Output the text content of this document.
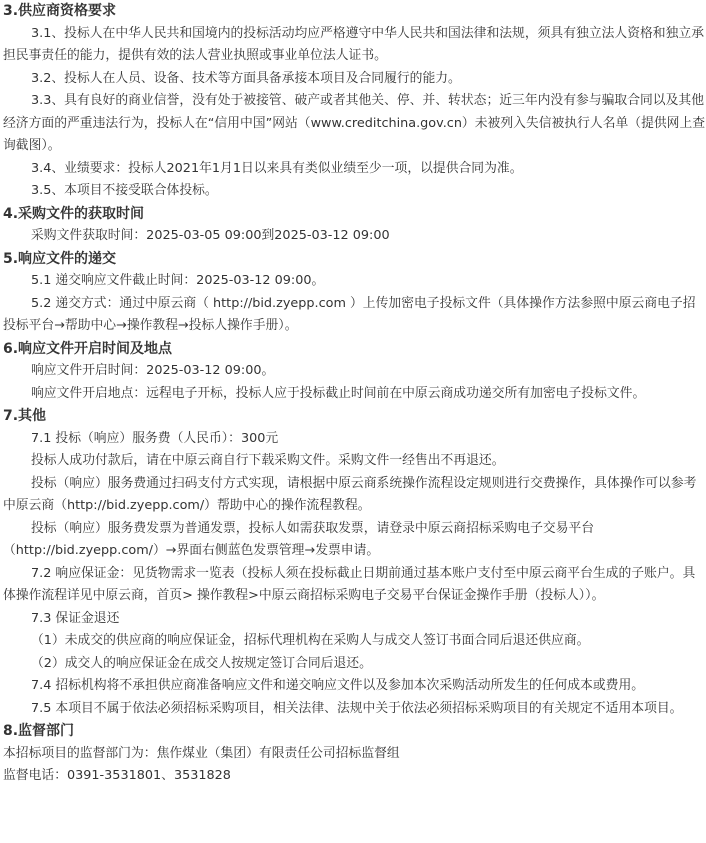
3.供应商资格要求
3.1、投标人在中华人民共和国境内的投标活动均应严格遵守中华人民共和国法律和法规，须具有独立法人资格和独立承担民事责任的能力，提供有效的法人营业执照或事业单位法人证书。
3.2、投标人在人员、设备、技术等方面具备承接本项目及合同履行的能力。
3.3、具有良好的商业信誉，没有处于被接管、破产或者其他关、停、并、转状态；近三年内没有参与骗取合同以及其他经济方面的严重违法行为，投标人在“信用中国”网站（www.creditchina.gov.cn）未被列入失信被执行人名单（提供网上查询截图）。
3.4、业绩要求：投标人2021年1月1日以来具有类似业绩至少一项，以提供合同为准。
3.5、本项目不接受联合体投标。
4.采购文件的获取时间
采购文件获取时间：2025-03-05 09:00到2025-03-12 09:00
5.响应文件的递交
5.1 递交响应文件截止时间：2025-03-12 09:00。
5.2 递交方式：通过中原云商（ http://bid.zyepp.com ）上传加密电子投标文件（具体操作方法参照中原云商电子招投标平台→帮助中心→操作教程→投标人操作手册）。
6.响应文件开启时间及地点
响应文件开启时间：2025-03-12 09:00。
响应文件开启地点：远程电子开标，投标人应于投标截止时间前在中原云商成功递交所有加密电子投标文件。
7.其他
7.1 投标（响应）服务费（人民币）：300元
投标人成功付款后，请在中原云商自行下载采购文件。采购文件一经售出不再退还。
投标（响应）服务费通过扫码支付方式实现，请根据中原云商系统操作流程设定规则进行交费操作，具体操作可以参考中原云商（http://bid.zyepp.com/）帮助中心的操作流程教程。
投标（响应）服务费发票为普通发票，投标人如需获取发票，请登录中原云商招标采购电子交易平台（http://bid.zyepp.com/）→界面右侧蓝色发票管理→发票申请。
7.2 响应保证金：见货物需求一览表（投标人须在投标截止日期前通过基本账户支付至中原云商平台生成的子账户。具体操作流程详见中原云商，首页> 操作教程>中原云商招标采购电子交易平台保证金操作手册（投标人））。
7.3 保证金退还
（1）未成交的供应商的响应保证金，招标代理机构在采购人与成交人签订书面合同后退还供应商。
（2）成交人的响应保证金在成交人按规定签订合同后退还。
7.4 招标机构将不承担供应商准备响应文件和递交响应文件以及参加本次采购活动所发生的任何成本或费用。
7.5 本项目不属于依法必须招标采购项目，相关法律、法规中关于依法必须招标采购项目的有关规定不适用本项目。
8.监督部门
本招标项目的监督部门为：焦作煤业（集团）有限责任公司招标监督组
监督电话：0391-3531801、3531828
